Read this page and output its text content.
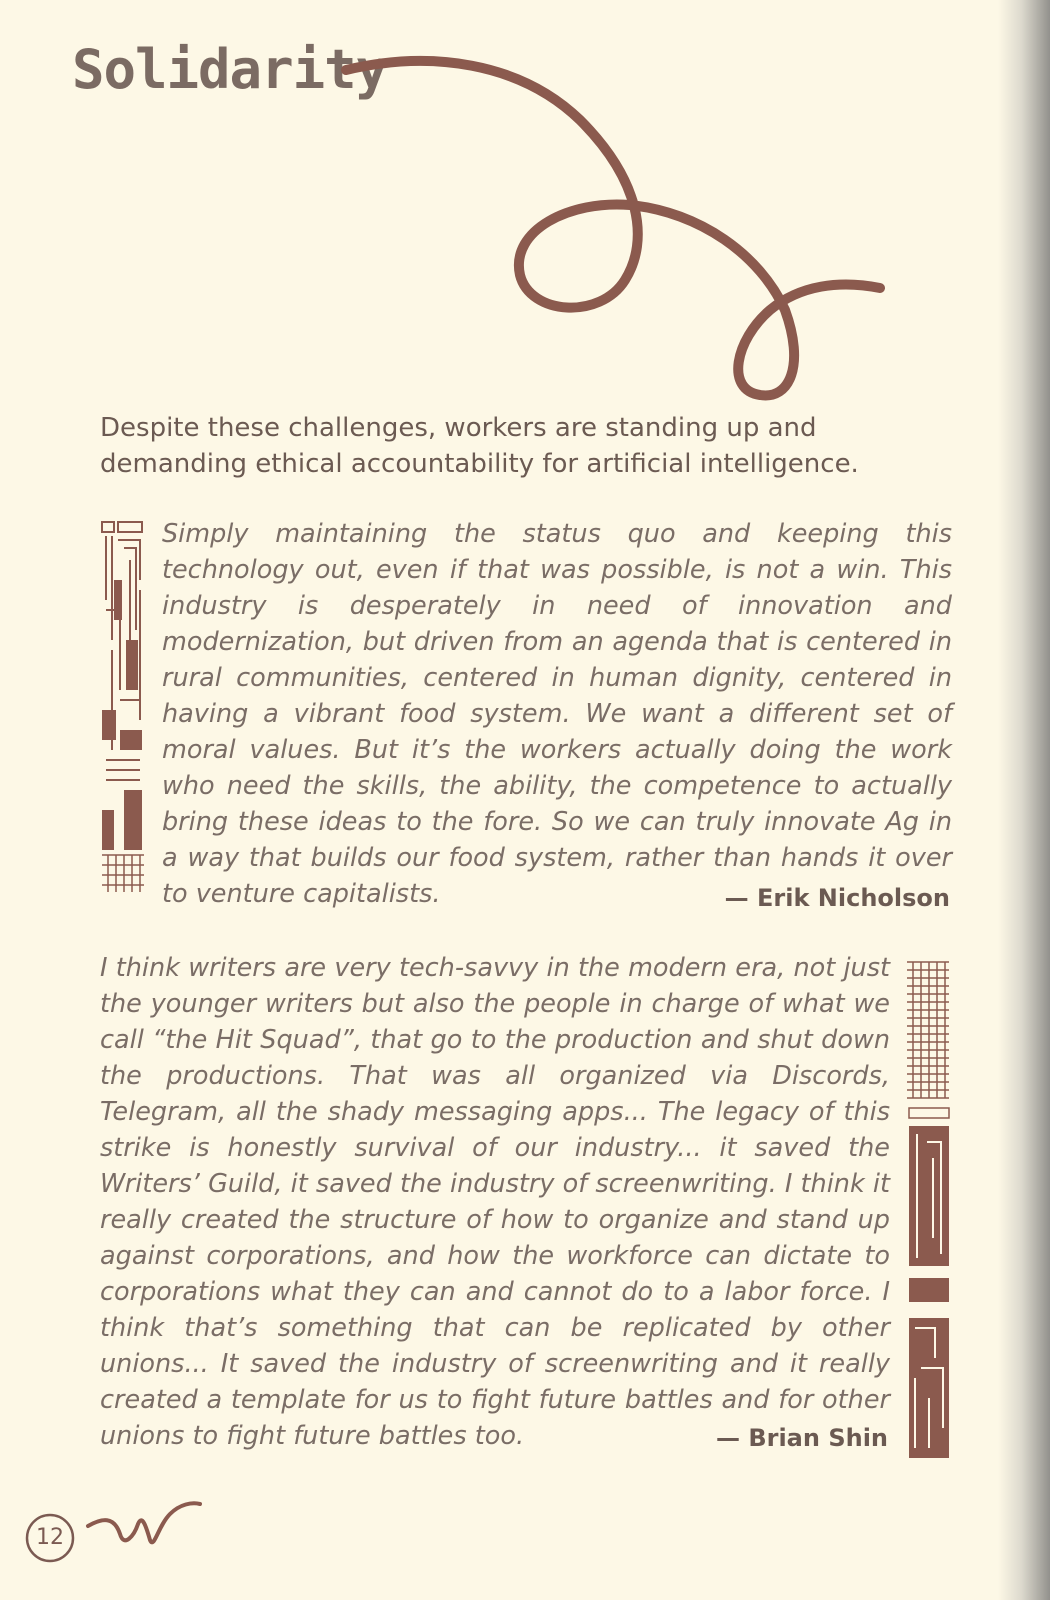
Solidarity

Despite these challenges, workers are standing up and demanding ethical accountability for artificial intelligence.

Simply maintaining the status quo and keeping this technology out, even if that was possible, is not a win. This industry is desperately in need of innovation and modernization, but driven from an agenda that is centered in rural communities, centered in human dignity, centered in having a vibrant food system. We want a different set of moral values. But it’s the workers actually doing the work who need the skills, the ability, the competence to actually bring these ideas to the fore. So we can truly innovate Ag in a way that builds our food system, rather than hands it over to venture capitalists.	— Erik Nicholson

I think writers are very tech-savvy in the modern era, not just the younger writers but also the people in charge of what we call “the Hit Squad”, that go to the production and shut down the productions. That was all organized via Discords, Telegram, all the shady messaging apps... The legacy of this strike is honestly survival of our industry... it saved the Writers’ Guild, it saved the industry of screenwriting. I think it really created the structure of how to organize and stand up against corporations, and how the workforce can dictate to corporations what they can and cannot do to a labor force. I think that’s something that can be replicated by other unions... It saved the industry of screenwriting and it really created a template for us to fight future battles and for other unions to fight future battles too.	— Brian Shin
12
